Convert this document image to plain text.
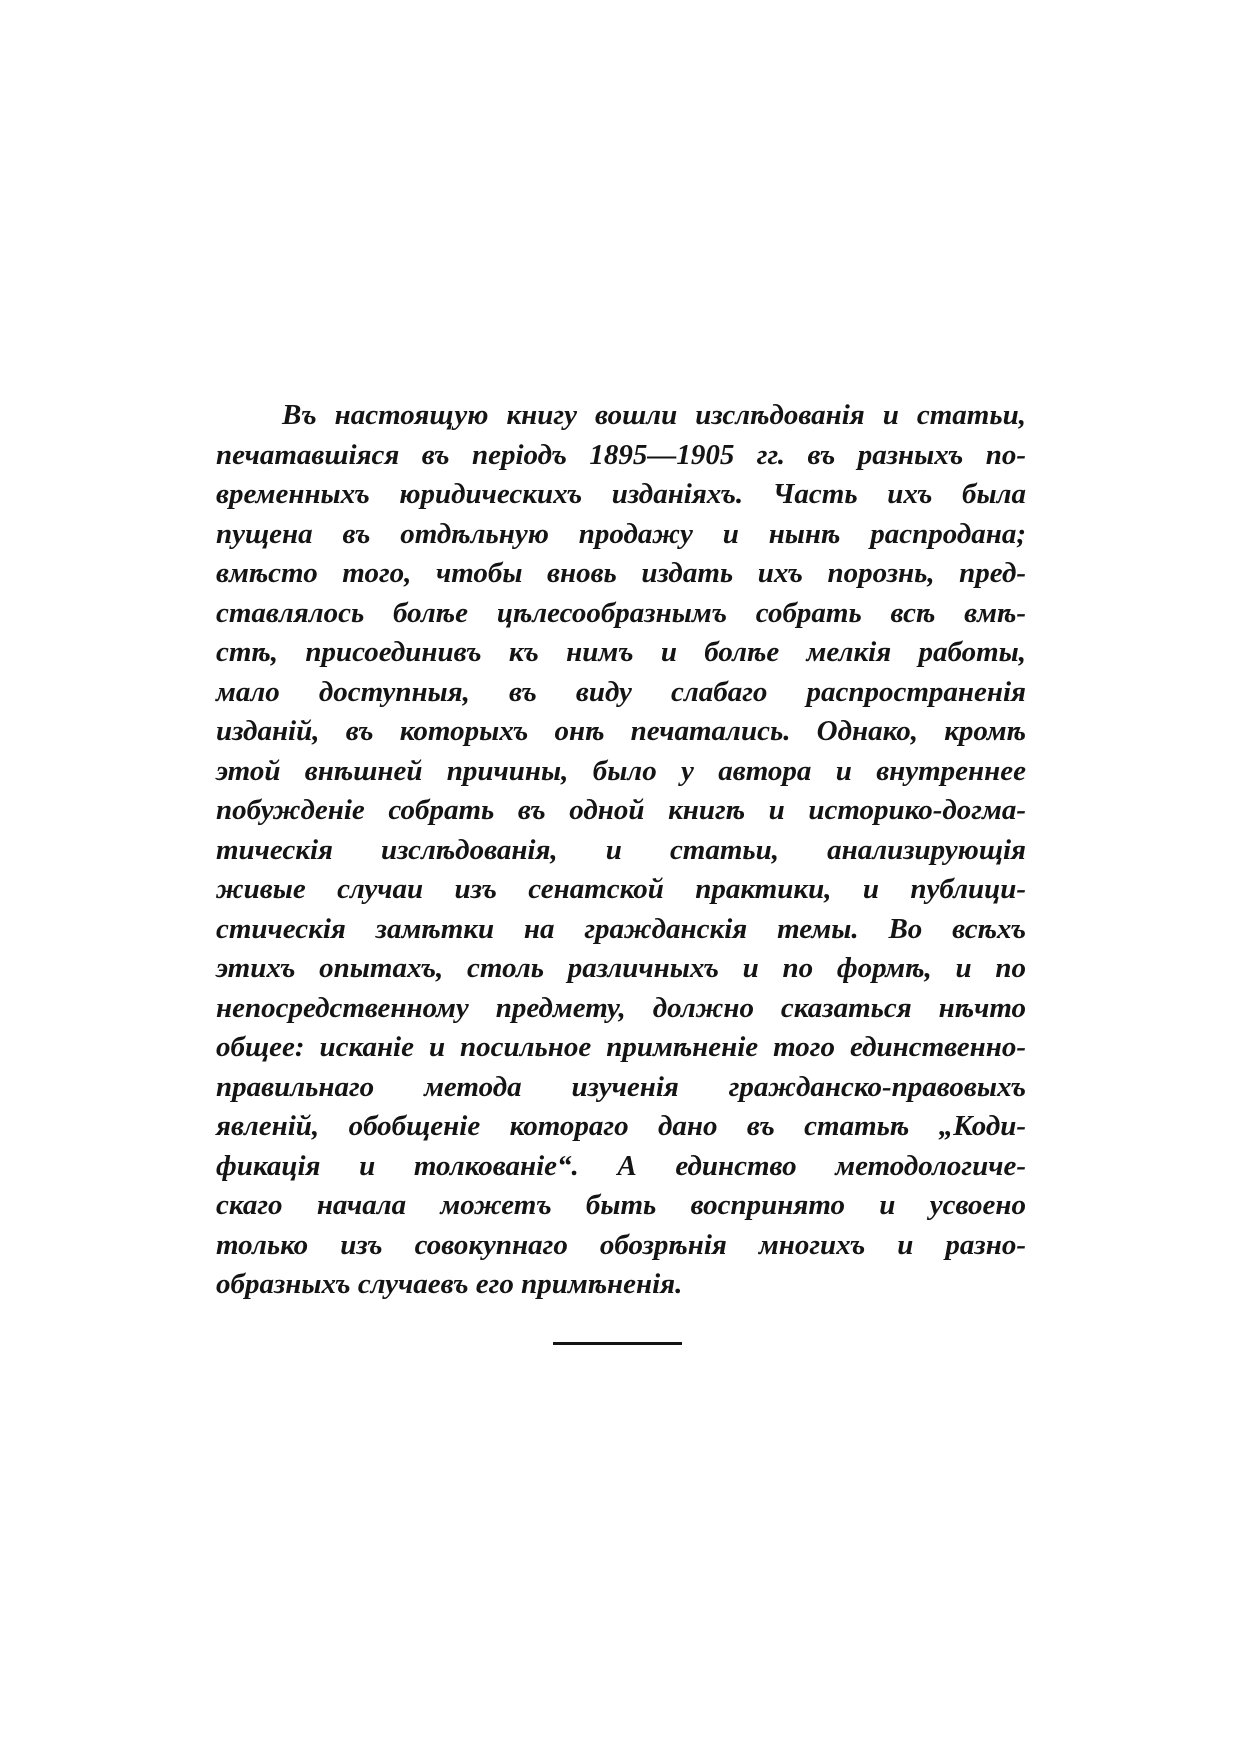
Въ настоящую книгу вошли изслѣдованія и статьи,
печатавшіяся въ періодъ 1895—1905 гг. въ разныхъ по-
временныхъ юридическихъ изданіяхъ. Часть ихъ была
пущена въ отдѣльную продажу и нынѣ распродана;
вмѣсто того, чтобы вновь издать ихъ порознь, пред-
ставлялось болѣе цѣлесообразнымъ собрать всѣ вмѣ-
стѣ, присоединивъ къ нимъ и болѣе мелкія работы,
мало доступныя, въ виду слабаго распространенія
изданій, въ которыхъ онѣ печатались. Однако, кромѣ
этой внѣшней причины, было у автора и внутреннее
побужденіе собрать въ одной книгѣ и историко-догма-
тическія изслѣдованія, и статьи, анализирующія
живые случаи изъ сенатской практики, и публици-
стическія замѣтки на гражданскія темы. Во всѣхъ
этихъ опытахъ, столь различныхъ и по формѣ, и по
непосредственному предмету, должно сказаться нѣчто
общее: исканіе и посильное примѣненіе того единственно-
правильнаго метода изученія гражданско-правовыхъ
явленій, обобщеніе котораго дано въ статьѣ „Коди-
фикація и толкованіе“. А единство методологиче-
скаго начала можетъ быть воспринято и усвоено
только изъ совокупнаго обозрѣнія многихъ и разно-
образныхъ случаевъ его примѣненія.
